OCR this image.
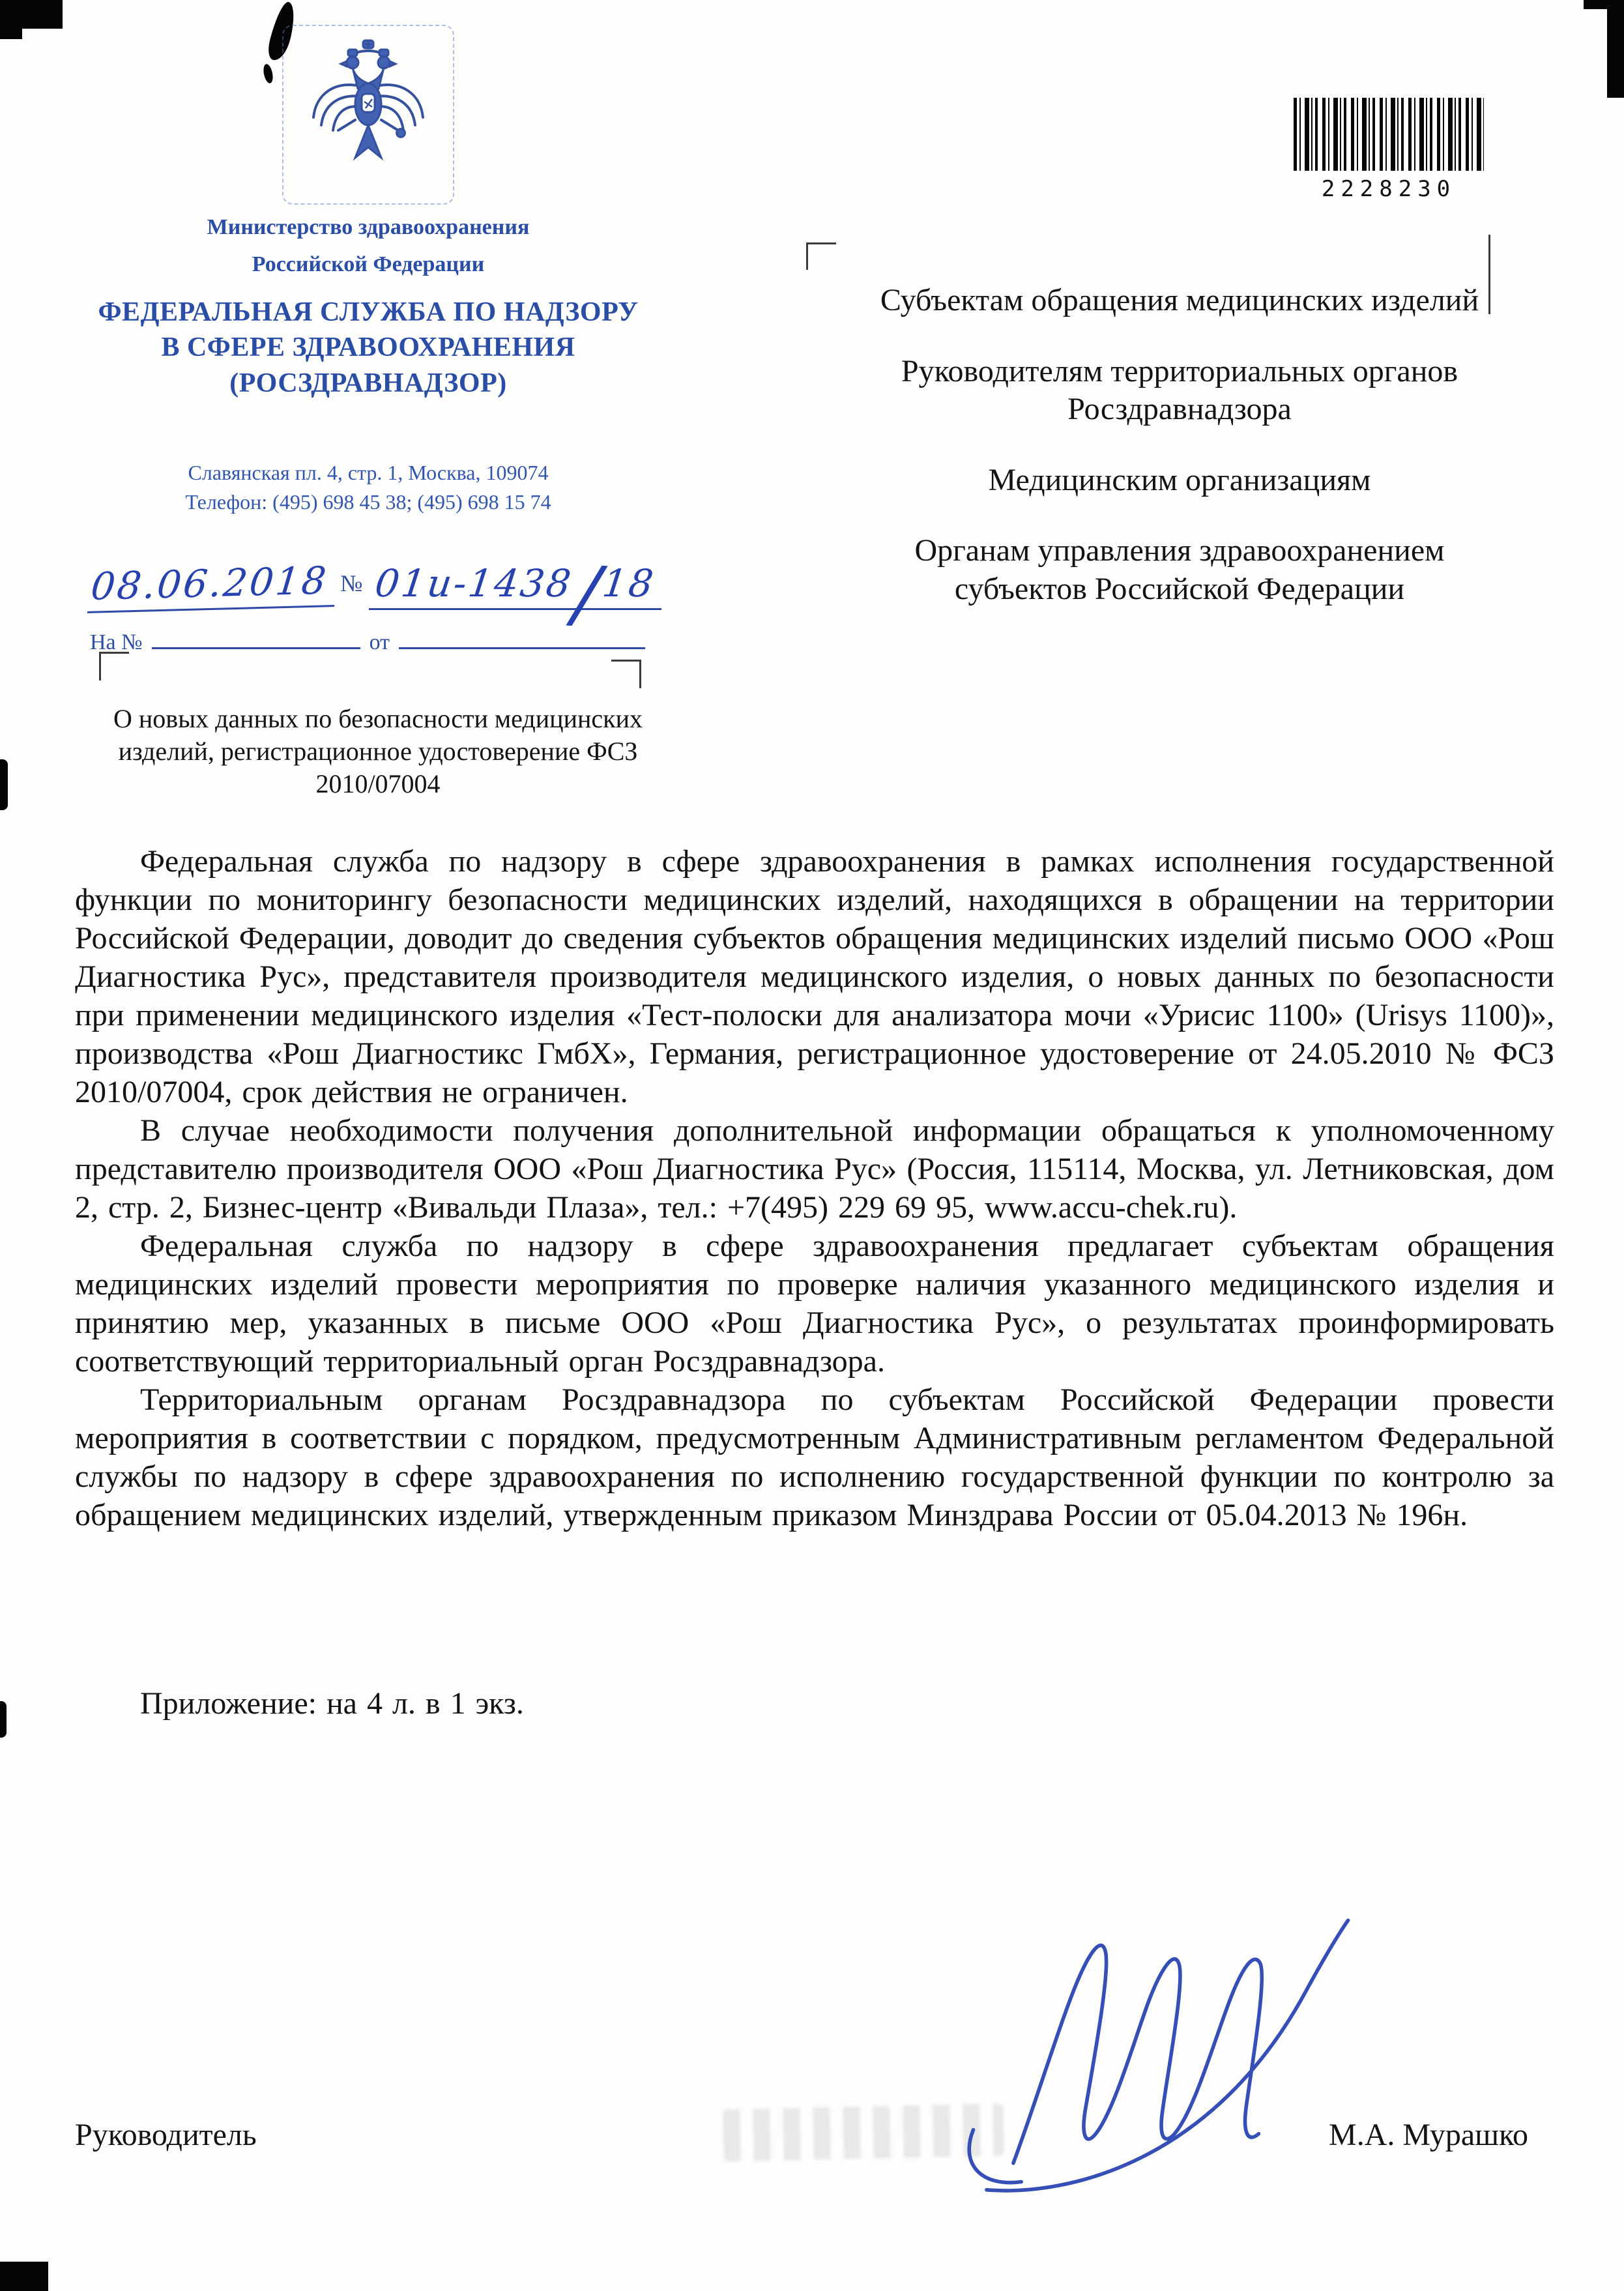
Министерство здравоохранения
Российской Федерации
ФЕДЕРАЛЬНАЯ СЛУЖБА ПО НАДЗОРУ
В СФЕРЕ ЗДРАВООХРАНЕНИЯ
(РОСЗДРАВНАДЗОР)
Славянская пл. 4, стр. 1, Москва, 109074
Телефон: (495) 698 45 38; (495) 698 15 74
08.06.2018 № 01и-1438/18
На №	от
2228230
Субъектам обращения медицинских изделий
Руководителям территориальных органов Росздравнадзора
Медицинским организациям
Органам управления здравоохранением субъектов Российской Федерации
О новых данных по безопасности медицинских изделий, регистрационное удостоверение ФСЗ 2010/07004

Федеральная служба по надзору в сфере здравоохранения в рамках исполнения государственной функции по мониторингу безопасности медицинских изделий, находящихся в обращении на территории Российской Федерации, доводит до сведения субъектов обращения медицинских изделий письмо ООО «Рош Диагностика Рус», представителя производителя медицинского изделия, о новых данных по безопасности при применении медицинского изделия «Тест-полоски для анализатора мочи «Урисис 1100» (Urisys 1100)», производства «Рош Диагностикс ГмбХ», Германия, регистрационное удостоверение от 24.05.2010 № ФСЗ 2010/07004, срок действия не ограничен.

В случае необходимости получения дополнительной информации обращаться к уполномоченному представителю производителя ООО «Рош Диагностика Рус» (Россия, 115114, Москва, ул. Летниковская, дом 2, стр. 2, Бизнес-центр «Вивальди Плаза», тел.: +7(495) 229 69 95, www.accu-chek.ru).

Федеральная служба по надзору в сфере здравоохранения предлагает субъектам обращения медицинских изделий провести мероприятия по проверке наличия указанного медицинского изделия и принятию мер, указанных в письме ООО «Рош Диагностика Рус», о результатах проинформировать соответствующий территориальный орган Росздравнадзора.

Территориальным органам Росздравнадзора по субъектам Российской Федерации провести мероприятия в соответствии с порядком, предусмотренным Административным регламентом Федеральной службы по надзору в сфере здравоохранения по исполнению государственной функции по контролю за обращением медицинских изделий, утвержденным приказом Минздрава России от 05.04.2013 № 196н.

Приложение: на 4 л. в 1 экз.

Руководитель	М.А. Мурашко
